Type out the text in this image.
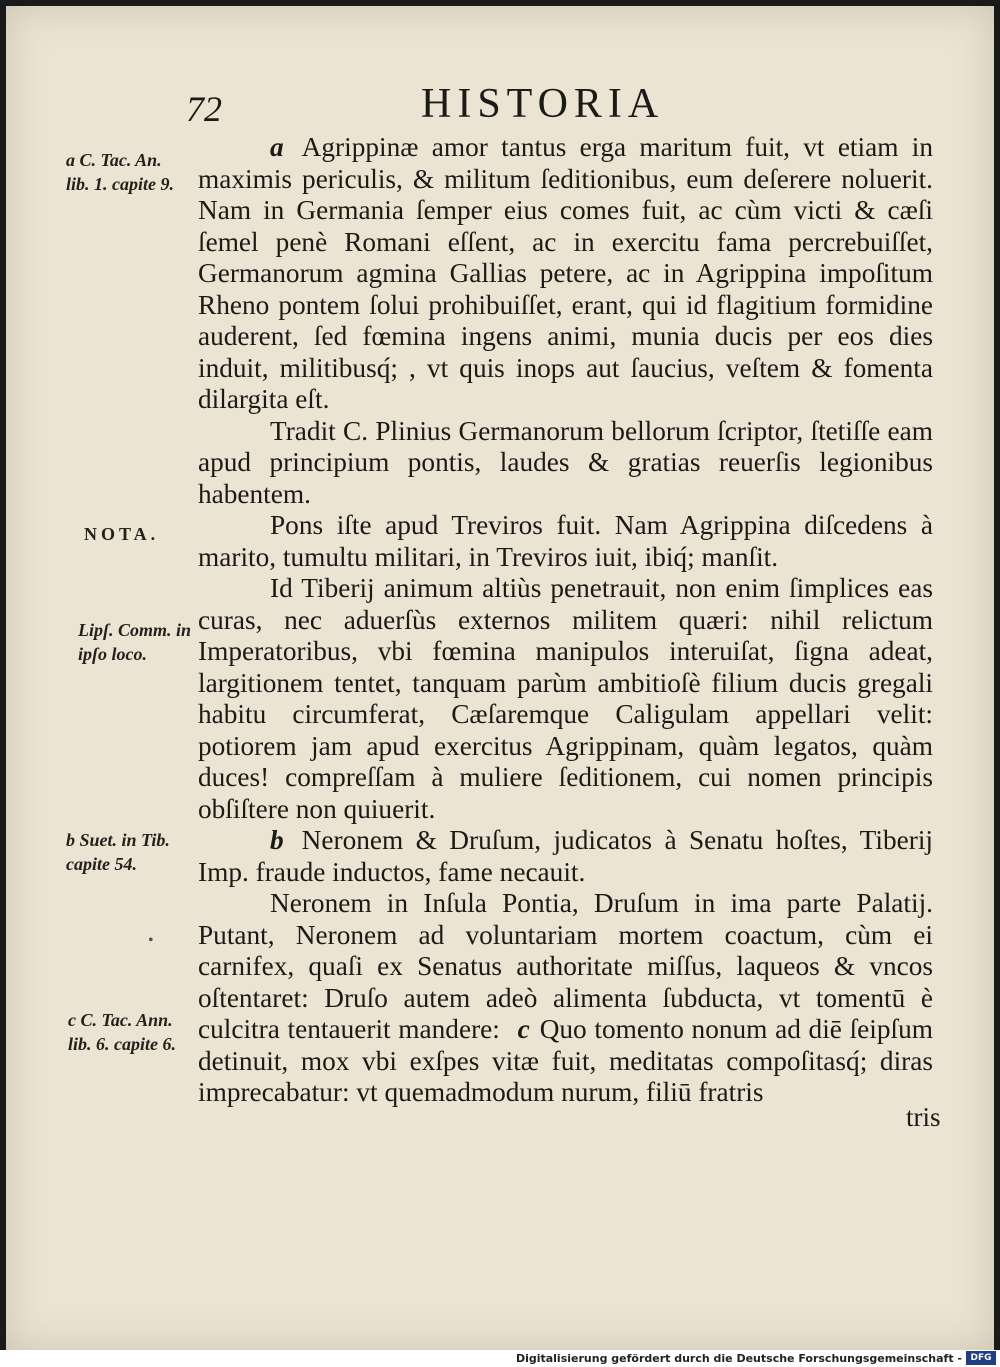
72	HISTORIA
a C. Tac. An.
lib. 1. capite 9.
NOTA.
Lipſ. Comm. in
ipſo loco.
b Suet. in Tib.
capite 54.
c C. Tac. Ann.
lib. 6. capite 6.
•

a Agrippinæ amor tantus erga maritum fuit, vt etiam in maximis periculis, & militum ſeditionibus, eum deſerere noluerit. Nam in Germania ſemper eius comes fuit, ac cùm victi & cæſi ſemel penè Romani eſſent, ac in exercitu fama percrebuiſſet, Germanorum agmina Gallias petere, ac in Agrippina impoſitum Rheno pontem ſolui prohibuiſſet, erant, qui id flagitium formidine auderent, ſed fœmina ingens animi, munia ducis per eos dies induit, militibusq́; , vt quis inops aut ſaucius, veſtem & fomenta dilargita eſt.

Tradit C. Plinius Germanorum bellorum ſcriptor, ſtetiſſe eam apud principium pontis, laudes & gratias reuerſis legionibus habentem.

Pons iſte apud Treviros fuit. Nam Agrippina diſcedens à marito, tumultu militari, in Treviros iuit, ibiq́; manſit.

Id Tiberij animum altiùs penetrauit, non enim ſimplices eas curas, nec aduerſùs externos militem quæri: nihil relictum Imperatoribus, vbi fœmina manipulos interuiſat, ſigna adeat, largitionem tentet, tanquam parùm ambitioſè filium ducis gregali habitu circumferat, Cæſaremque Caligulam appellari velit: potiorem jam apud exercitus Agrippinam, quàm legatos, quàm duces! compreſſam à muliere ſeditionem, cui nomen principis obſiſtere non quiuerit.

b Neronem & Druſum, judicatos à Senatu hoſtes, Tiberij Imp. fraude inductos, fame necauit.

Neronem in Inſula Pontia, Druſum in ima parte Palatij. Putant, Neronem ad voluntariam mortem coactum, cùm ei carnifex, quaſi ex Senatus authoritate miſſus, laqueos & vncos oſtentaret: Druſo autem adeò alimenta ſubducta, vt tomentū è culcitra tentauerit mandere: c Quo tomento nonum ad diē ſeipſum detinuit, mox vbi exſpes vitæ fuit, meditatas compoſitasq́; diras imprecabatur: vt quemadmodum nurum, filiū fratris

tris
Digitalisierung gefördert durch die Deutsche Forschungsgemeinschaft - DFG
